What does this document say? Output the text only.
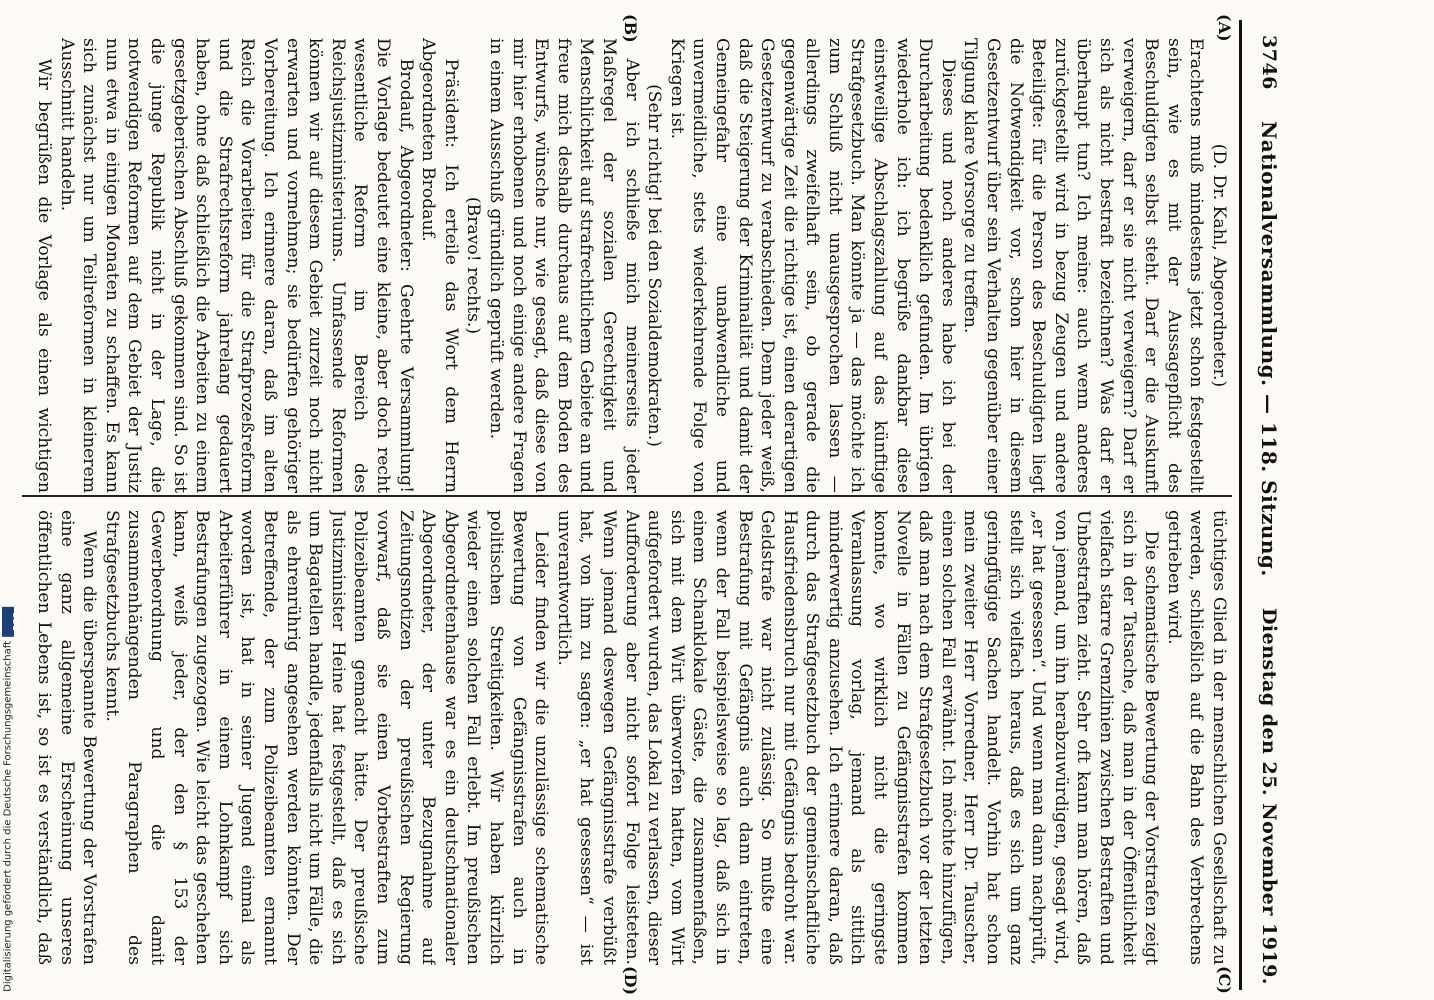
3746
Nationalversammlung. — 118. Sitzung.
Dienstag den 25. November 1919.
(A)
(B)
(C)
(D)

(D. Dr. Kahl, Abgeordneter.)

Erachtens muß mindestens jetzt schon festgestellt sein, wie es mit der Aussagepflicht des Beschuldigten selbst steht. Darf er die Auskunft verweigern, darf er sie nicht verweigern? Darf er sich als nicht bestraft bezeichnen? Was darf er überhaupt tun? Ich meine: auch wenn anderes zurückgestellt wird in bezug Zeugen und andere Beteiligte: für die Person des Beschuldigten liegt die Notwendigkeit vor, schon hier in diesem Gesetzentwurf über sein Verhalten gegenüber einer Tilgung klare Vorsorge zu treffen.

Dieses und noch anderes habe ich bei der Durcharbeitung bedenklich gefunden. Im übrigen wiederhole ich: ich begrüße dankbar diese einstweilige Abschlagszahlung auf das künftige Strafgesetzbuch. Man könnte ja — das möchte ich zum Schluß nicht unausgesprochen lassen — allerdings zweifelhaft sein, ob gerade die gegenwärtige Zeit die richtige ist, einen derartigen Gesetzentwurf zu verabschieden. Denn jeder weiß, daß die Steigerung der Kriminalität und damit der Gemeingefahr eine unabwendliche und unvermeidliche, stets wiederkehrende Folge von Kriegen ist.

(Sehr richtig! bei den Sozialdemokraten.)

Aber ich schließe mich meinerseits jeder Maßregel der sozialen Gerechtigkeit und Menschlichkeit auf strafrechtlichem Gebiete an und freue mich deshalb durchaus auf dem Boden des Entwurfs, wünsche nur, wie gesagt, daß diese von mir hier erhobenen und noch einige andere Fragen in einem Ausschuß gründlich geprüft werden.

(Bravo! rechts.)

Präsident: Ich erteile das Wort dem Herrn Abgeordneten Brodauf.

Brodauf, Abgeordneter: Geehrte Versammlung! Die Vorlage bedeutet eine kleine, aber doch recht wesentliche Reform im Bereich des Reichsjustizministeriums. Umfassende Reformen können wir auf diesem Gebiet zurzeit noch nicht erwarten und vornehmen; sie bedürfen gehöriger Vorbereitung. Ich erinnere daran, daß im alten Reich die Vorarbeiten für die Strafprozeßreform und die Strafrechtsreform jahrelang gedauert haben, ohne daß schließlich die Arbeiten zu einem gesetzgeberischen Abschluß gekommen sind. So ist die junge Republik nicht in der Lage, die notwendigen Reformen auf dem Gebiet der Justiz nun etwa in einigen Monaten zu schaffen. Es kann sich zunächst nur um Teilreformen in kleinerem Ausschnitt handeln.

Wir begrüßen die Vorlage als einen wichtigen

tüchtiges Glied in der menschlichen Gesellschaft zu werden, schließlich auf die Bahn des Verbrechens getrieben wird.

Die schematische Bewertung der Vorstrafen zeigt sich in der Tatsache, daß man in der Öffentlichkeit vielfach starre Grenzlinien zwischen Bestraften und Unbestraften zieht. Sehr oft kann man hören, daß von jemand, um ihn herabzuwürdigen, gesagt wird, „er hat gesessen“. Und wenn man dann nachprüft, stellt sich vielfach heraus, daß es sich um ganz geringfügige Sachen handelt. Vorhin hat schon mein zweiter Herr Vorredner, Herr Dr. Tauscher, einen solchen Fall erwähnt. Ich möchte hinzufügen, daß man nach dem Strafgesetzbuch vor der letzten Novelle in Fällen zu Gefängnisstrafen kommen konnte, wo wirklich nicht die geringste Veranlassung vorlag, jemand als sittlich minderwertig anzusehen. Ich erinnere daran, daß durch das Strafgesetzbuch der gemeinschaftliche Hausfriedensbruch nur mit Gefängnis bedroht war. Geldstrafe war nicht zulässig. So mußte eine Bestrafung mit Gefängnis auch dann eintreten, wenn der Fall beispielsweise so lag, daß sich in einem Schanklokale Gäste, die zusammenfaßen, sich mit dem Wirt überworfen hatten, vom Wirt aufgefordert wurden, das Lokal zu verlassen, dieser Aufforderung aber nicht sofort Folge leisteten. Wenn jemand deswegen Gefängnisstrafe verbüßt hat, von ihm zu sagen: „er hat gesessen“ — ist unverantwortlich.

Leider finden wir die unzulässige schematische Bewertung von Gefängnisstrafen auch in politischen Streitigkeiten. Wir haben kürzlich wieder einen solchen Fall erlebt. Im preußischen Abgeordnetenhause war es ein deutschnationaler Abgeordneter, der unter Bezugnahme auf Zeitungsnotizen der preußischen Regierung vorwarf, daß sie einen Vorbestraften zum Polizeibeamten gemacht hätte. Der preußische Justizminister Heine hat festgestellt, daß es sich um Bagatellen handle, jedenfalls nicht um Fälle, die als ehrenrührig angesehen werden könnten. Der Betreffende, der zum Polizeibeamten ernannt worden ist, hat in seiner Jugend einmal als Arbeiterführer in einem Lohnkampf sich Bestrafungen zugezogen. Wie leicht das geschehen kann, weiß jeder, der den § 153 der Gewerbeordnung und die damit zusammenhängenden Paragraphen des Strafgesetzbuchs kennt.

Wenn die überspannte Bewertung der Vorstrafen eine ganz allgemeine Erscheinung unseres öffentlichen Lebens ist, so ist es verständlich, daß

Digitalisierung gefördert durch die Deutsche Forschungsgemeinschaft
DFG
